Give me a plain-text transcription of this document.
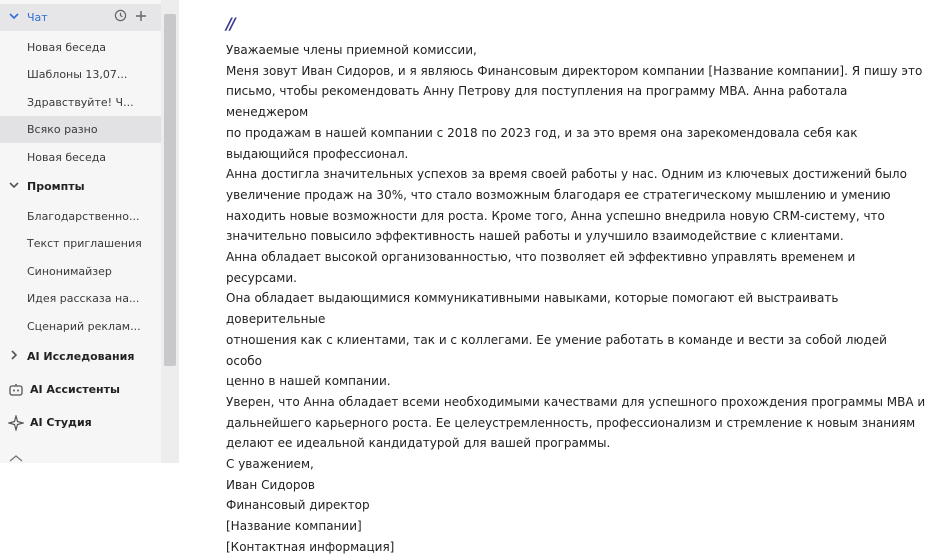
Чат
Новая беседа
Шаблоны 13,07...
Здравствуйте! Ч...
Всяко разно
Новая беседа
Промпты
Благодарственно...
Текст приглашения
Синонимайзер
Идея рассказа на...
Сценарий реклам...
AI Исследования
AI Ассистенты
AI Студия
//

Уважаемые члены приемной комиссии,

Меня зовут Иван Сидоров, и я являюсь Финансовым директором компании [Название компании]. Я пишу это

письмо, чтобы рекомендовать Анну Петрову для поступления на программу MBA. Анна работала менеджером

по продажам в нашей компании с 2018 по 2023 год, и за это время она зарекомендовала себя как

выдающийся профессионал.

Анна достигла значительных успехов за время своей работы у нас. Одним из ключевых достижений было

увеличение продаж на 30%, что стало возможным благодаря ее стратегическому мышлению и умению

находить новые возможности для роста. Кроме того, Анна успешно внедрила новую CRM-систему, что

значительно повысило эффективность нашей работы и улучшило взаимодействие с клиентами.

Анна обладает высокой организованностью, что позволяет ей эффективно управлять временем и ресурсами.

Она обладает выдающимися коммуникативными навыками, которые помогают ей выстраивать доверительные

отношения как с клиентами, так и с коллегами. Ее умение работать в команде и вести за собой людей особо

ценно в нашей компании.

Уверен, что Анна обладает всеми необходимыми качествами для успешного прохождения программы MBA и

дальнейшего карьерного роста. Ее целеустремленность, профессионализм и стремление к новым знаниям

делают ее идеальной кандидатурой для вашей программы.

С уважением,

Иван Сидоров

Финансовый директор

[Название компании]

[Контактная информация]
